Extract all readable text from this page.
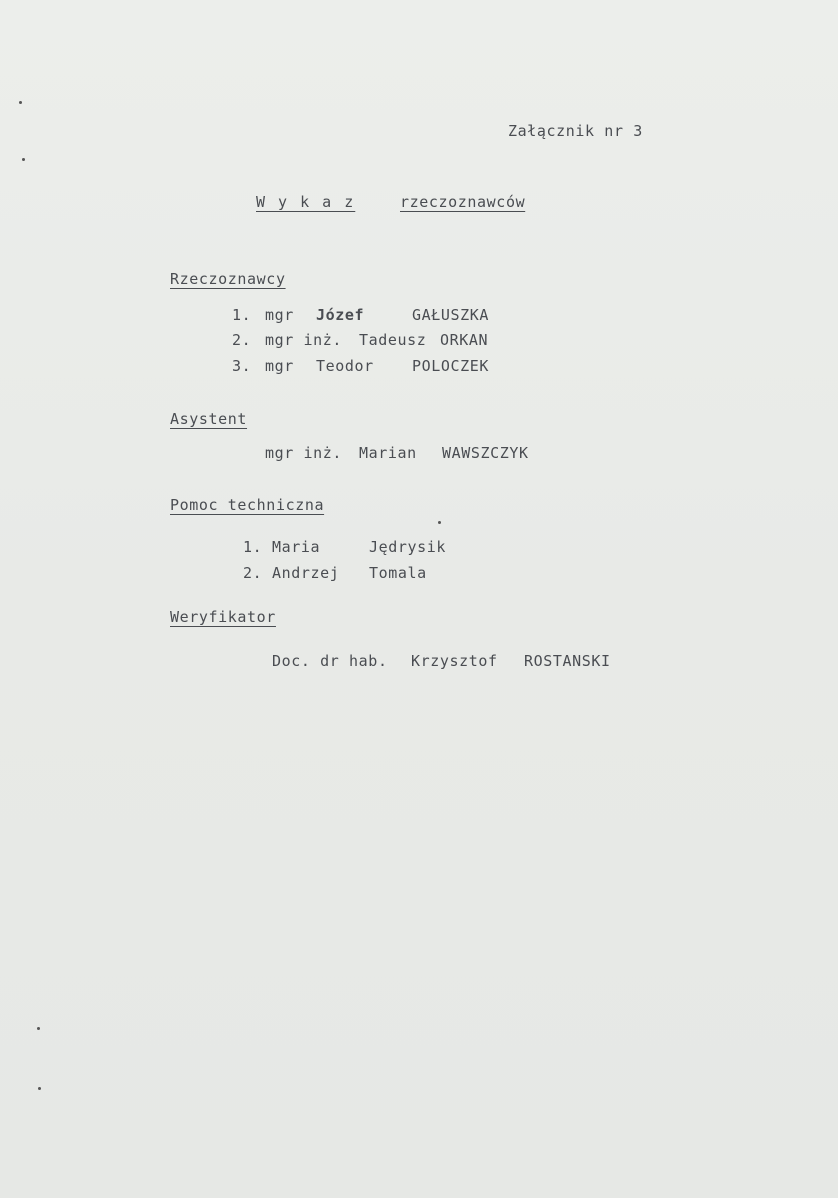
Załącznik nr 3
W y k a z	rzeczoznawców
Rzeczoznawcy
1. mgr Józef	GAŁUSZKA
2. mgr inż. Tadeusz ORKAN
3. mgr Teodor	POLOCZEK
Asystent
mgr inż. Marian WAWSZCZYK
Pomoc techniczna
1. Maria	Jędrysik
2. Andrzej Tomala
Weryfikator
Doc. dr hab. Krzysztof ROSTANSKI
